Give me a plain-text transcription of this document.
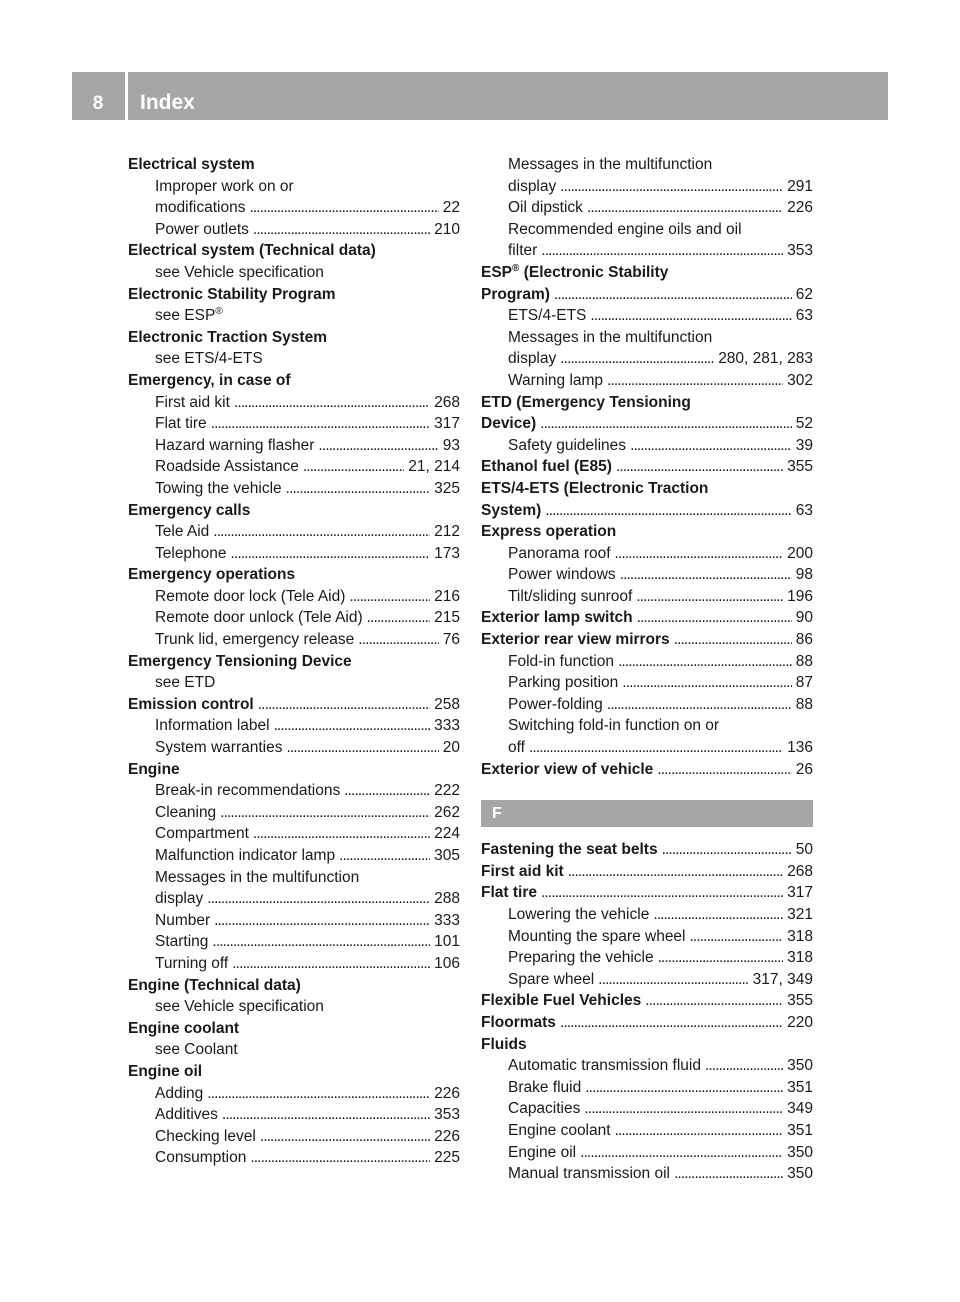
8	Index
Electrical system
Improper work on or
modifications . . .	22
Power outlets . . .	210
Electrical system (Technical data)
see Vehicle specification
Electronic Stability Program
see ESP®
Electronic Traction System
see ETS/4-ETS
Emergency, in case of
First aid kit . . .	268
Flat tire . . .	317
Hazard warning flasher . . .	93
Roadside Assistance . . .	21, 214
Towing the vehicle . . .	325
Emergency calls
Tele Aid . . .	212
Telephone . . .	173
Emergency operations
Remote door lock (Tele Aid) . . .	216
Remote door unlock (Tele Aid) . . .	215
Trunk lid, emergency release . . .	76
Emergency Tensioning Device
see ETD
Emission control . . .	258
Information label . . .	333
System warranties . . .	20
Engine
Break-in recommendations . . .	222
Cleaning . . .	262
Compartment . . .	224
Malfunction indicator lamp . . .	305
Messages in the multifunction
display . . .	288
Number . . .	333
Starting . . .	101
Turning off . . .	106
Engine (Technical data)
see Vehicle specification
Engine coolant
see Coolant
Engine oil
Adding . . .	226
Additives . . .	353
Checking level . . .	226
Consumption . . .	225
Messages in the multifunction
display . . .	291
Oil dipstick . . .	226
Recommended engine oils and oil
filter . . .	353
ESP® (Electronic Stability
Program) . . .	62
ETS/4-ETS . . .	63
Messages in the multifunction
display . . .	280, 281, 283
Warning lamp . . .	302
ETD (Emergency Tensioning
Device) . . .	52
Safety guidelines . . .	39
Ethanol fuel (E85) . . .	355
ETS/4-ETS (Electronic Traction
System) . . .	63
Express operation
Panorama roof . . .	200
Power windows . . .	98
Tilt/sliding sunroof . . .	196
Exterior lamp switch . . .	90
Exterior rear view mirrors . . .	86
Fold-in function . . .	88
Parking position . . .	87
Power-folding . . .	88
Switching fold-in function on or
off . . .	136
Exterior view of vehicle . . .	26
F
Fastening the seat belts . . .	50
First aid kit . . .	268
Flat tire . . .	317
Lowering the vehicle . . .	321
Mounting the spare wheel . . .	318
Preparing the vehicle . . .	318
Spare wheel . . .	317, 349
Flexible Fuel Vehicles . . .	355
Floormats . . .	220
Fluids
Automatic transmission fluid . . .	350
Brake fluid . . .	351
Capacities . . .	349
Engine coolant . . .	351
Engine oil . . .	350
Manual transmission oil . . .	350
